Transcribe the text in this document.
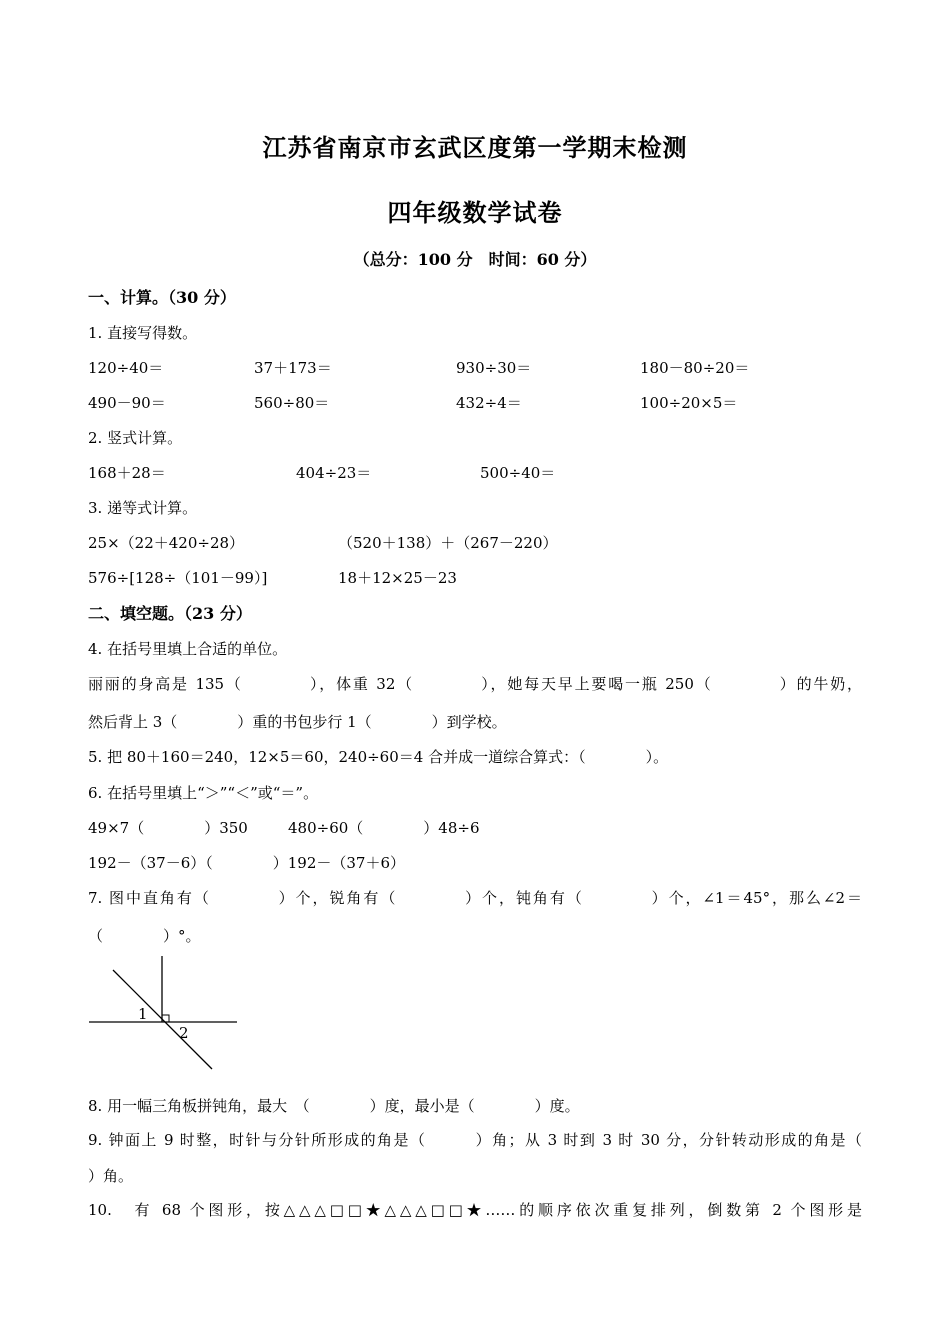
江苏省南京市玄武区度第一学期末检测
四年级数学试卷
（总分：100 分　时间：60 分）
一、计算。（30 分）
1. 直接写得数。
120÷40＝	37＋173＝	930÷30＝	180－80÷20＝
490－90＝	560÷80＝	432÷4＝	100÷20×5＝
2. 竖式计算。
168＋28＝	404÷23＝	500÷40＝
3. 递等式计算。
25×（22＋420÷28）	（520＋138）＋（267－220）
576÷[128÷（101－99）]	18＋12×25－23
二、填空题。（23 分）
4. 在括号里填上合适的单位。
丽丽的身高是 135（　　　　），体重 32（　　　　），她每天早上要喝一瓶 250（　　　　）的牛奶，
然后背上 3（　　　　）重的书包步行 1（　　　　）到学校。
5. 把 80＋160＝240，12×5＝60，240÷60＝4 合并成一道综合算式：（　　　　）。
6. 在括号里填上“＞”“＜”或“＝”。
49×7（　　　　）350	480÷60（　　　　）48÷6
192－（37－6）（　　　　）192－（37＋6）
7. 图中直角有（　　　　）个，锐角有（　　　　）个，钝角有（　　　　）个，∠1＝45°，那么∠2＝
（　　　　）°。
1
2
8. 用一幅三角板拼钝角，最大　（　　　　）度，最小是（　　　　）度。
9. 钟面上 9 时整，时针与分针所形成的角是（　　　）角；从 3 时到 3 时 30 分，分针转动形成的角是（
）角。
10.　有 68 个图形，按△△△□□★△△△□□★……的顺序依次重复排列，倒数第 2 个图形是
